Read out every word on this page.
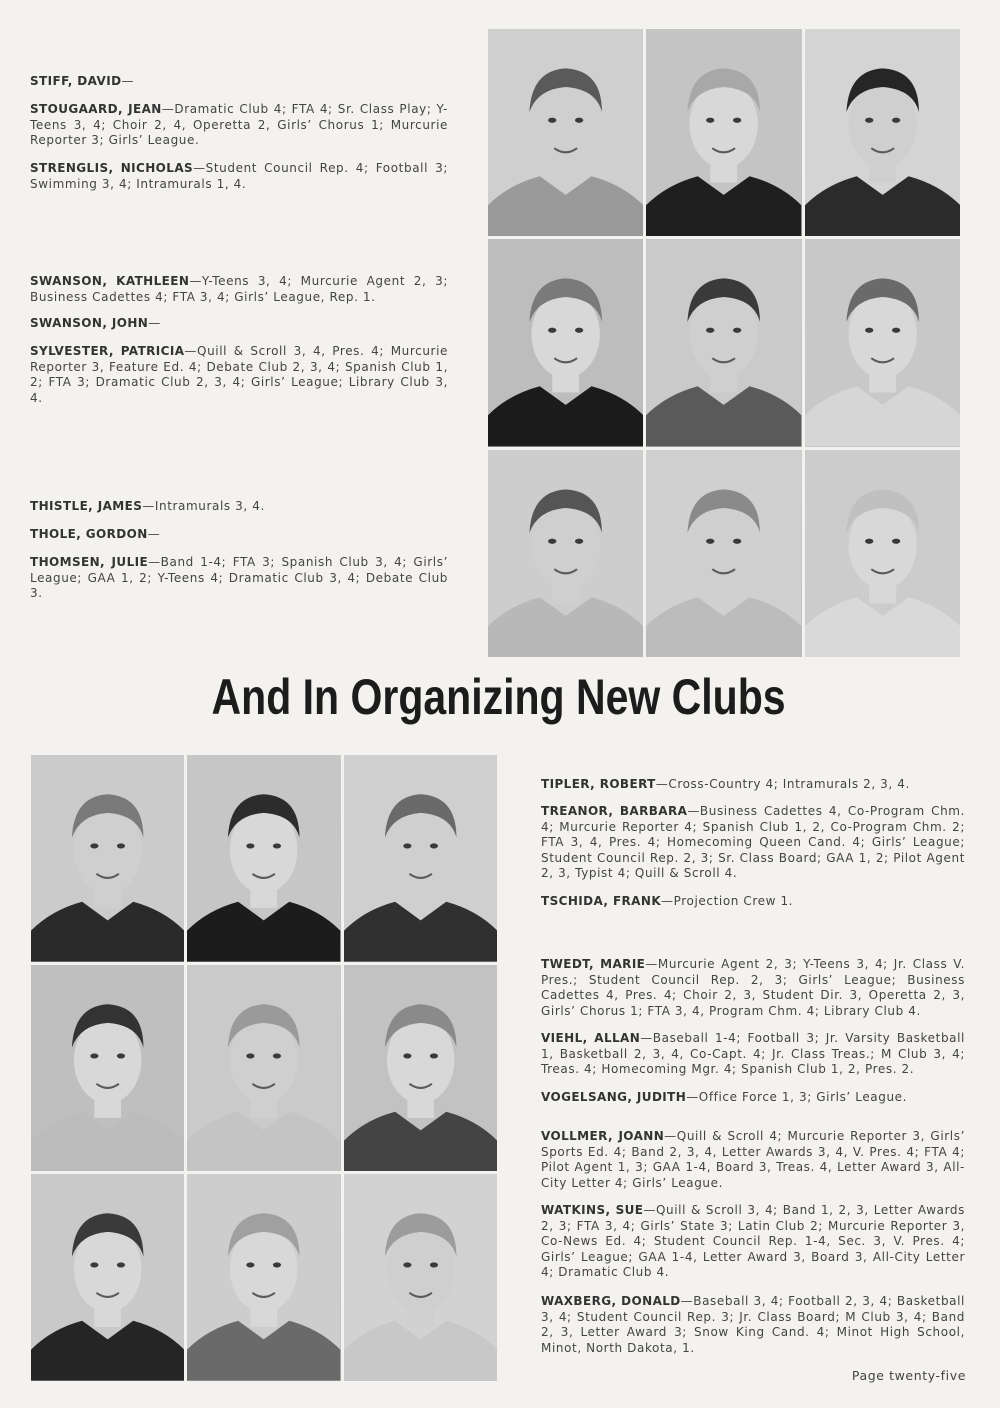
STIFF, DAVID—
STOUGAARD, JEAN—Dramatic Club 4; FTA 4; Sr. Class Play; Y-Teens 3, 4; Choir 2, 4, Operetta 2, Girls’ Chorus 1; Murcurie Reporter 3; Girls’ League.
STRENGLIS, NICHOLAS—Student Council Rep. 4; Football 3; Swimming 3, 4; Intramurals 1, 4.
SWANSON, KATHLEEN—Y-Teens 3, 4; Murcurie Agent 2, 3; Business Cadettes 4; FTA 3, 4; Girls’ League, Rep. 1.
SWANSON, JOHN—
SYLVESTER, PATRICIA—Quill & Scroll 3, 4, Pres. 4; Murcurie Reporter 3, Feature Ed. 4; Debate Club 2, 3, 4; Spanish Club 1, 2; FTA 3; Dramatic Club 2, 3, 4; Girls’ League; Library Club 3, 4.
THISTLE, JAMES—Intramurals 3, 4.
THOLE, GORDON—
THOMSEN, JULIE—Band 1-4; FTA 3; Spanish Club 3, 4; Girls’ League; GAA 1, 2; Y-Teens 4; Dramatic Club 3, 4; Debate Club 3.
And In Organizing New Clubs
TIPLER, ROBERT—Cross-Country 4; Intramurals 2, 3, 4.
TREANOR, BARBARA—Business Cadettes 4, Co-Program Chm. 4; Murcurie Reporter 4; Spanish Club 1, 2, Co-Program Chm. 2; FTA 3, 4, Pres. 4; Homecoming Queen Cand. 4; Girls’ League; Student Council Rep. 2, 3; Sr. Class Board; GAA 1, 2; Pilot Agent 2, 3, Typist 4; Quill & Scroll 4.
TSCHIDA, FRANK—Projection Crew 1.
TWEDT, MARIE—Murcurie Agent 2, 3; Y-Teens 3, 4; Jr. Class V. Pres.; Student Council Rep. 2, 3; Girls’ League; Business Cadettes 4, Pres. 4; Choir 2, 3, Student Dir. 3, Operetta 2, 3, Girls’ Chorus 1; FTA 3, 4, Program Chm. 4; Library Club 4.
VIEHL, ALLAN—Baseball 1-4; Football 3; Jr. Varsity Basketball 1, Basketball 2, 3, 4, Co-Capt. 4; Jr. Class Treas.; M Club 3, 4; Treas. 4; Homecoming Mgr. 4; Spanish Club 1, 2, Pres. 2.
VOGELSANG, JUDITH—Office Force 1, 3; Girls’ League.
VOLLMER, JOANN—Quill & Scroll 4; Murcurie Reporter 3, Girls’ Sports Ed. 4; Band 2, 3, 4, Letter Awards 3, 4, V. Pres. 4; FTA 4; Pilot Agent 1, 3; GAA 1-4, Board 3, Treas. 4, Letter Award 3, All-City Letter 4; Girls’ League.
WATKINS, SUE—Quill & Scroll 3, 4; Band 1, 2, 3, Letter Awards 2, 3; FTA 3, 4; Girls’ State 3; Latin Club 2; Murcurie Reporter 3, Co-News Ed. 4; Student Council Rep. 1-4, Sec. 3, V. Pres. 4; Girls’ League; GAA 1-4, Letter Award 3, Board 3, All-City Letter 4; Dramatic Club 4.
WAXBERG, DONALD—Baseball 3, 4; Football 2, 3, 4; Basketball 3, 4; Student Council Rep. 3; Jr. Class Board; M Club 3, 4; Band 2, 3, Letter Award 3; Snow King Cand. 4; Minot High School, Minot, North Dakota, 1.
Page twenty-five
